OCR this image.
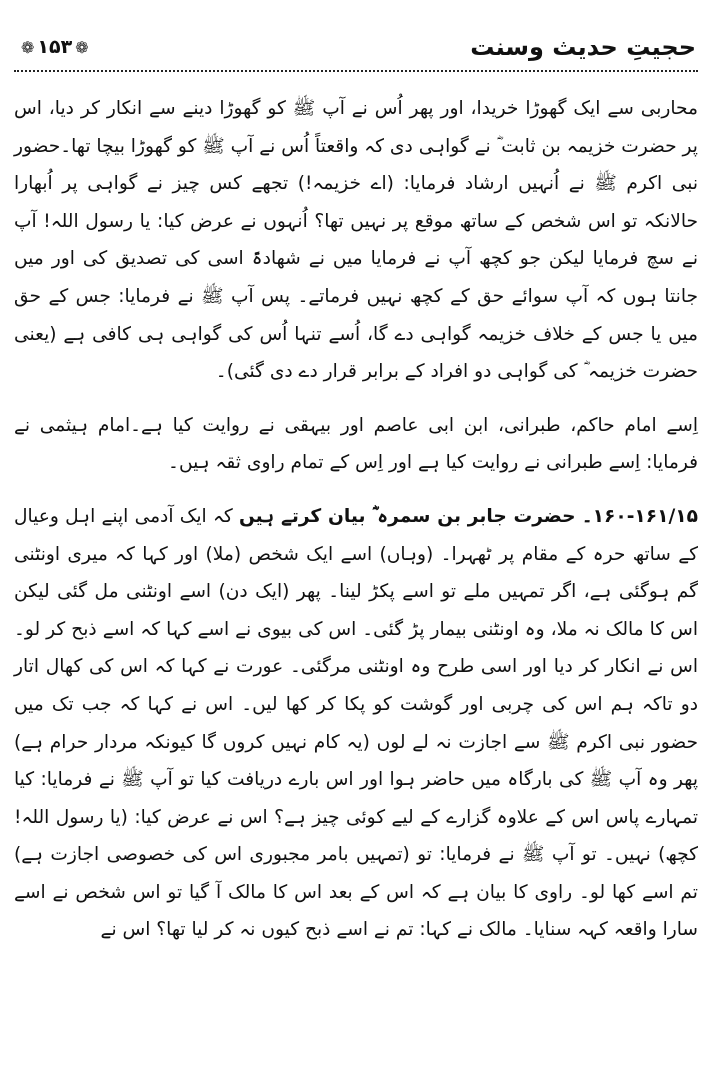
❁ ۱۵۳ ❁	حجیتِ حدیث وسنت

محاربی سے ایک گھوڑا خریدا، اور پھر اُس نے آپ ﷺ کو گھوڑا دینے سے انکار کر دیا، اس پر حضرت خزیمہ بن ثابت ؓ نے گواہی دی کہ واقعتاً اُس نے آپ ﷺ کو گھوڑا بیچا تھا۔حضور نبی اکرم ﷺ نے اُنہیں ارشاد فرمایا: (اے خزیمہ!) تجھے کس چیز نے گواہی پر اُبھارا حالانکہ تو اس شخص کے ساتھ موقع پر نہیں تھا؟ اُنہوں نے عرض کیا: یا رسول اللہ! آپ نے سچ فرمایا لیکن جو کچھ آپ نے فرمایا میں نے شھادۃً اسی کی تصدیق کی اور میں جانتا ہوں کہ آپ سوائے حق کے کچھ نہیں فرماتے۔ پس آپ ﷺ نے فرمایا: جس کے حق میں یا جس کے خلاف خزیمہ گواہی دے گا، اُسے تنہا اُس کی گواہی ہی کافی ہے (یعنی حضرت خزیمہ ؓ کی گواہی دو افراد کے برابر قرار دے دی گئی)۔

اِسے امام حاکم، طبرانی، ابن ابی عاصم اور بیہقی نے روایت کیا ہے۔امام ہیثمی نے فرمایا: اِسے طبرانی نے روایت کیا ہے اور اِس کے تمام راوی ثقہ ہیں۔

۱۶۰-۱۶۱/۱۵۔ حضرت جابر بن سمرہ ؓ بیان کرتے ہیں کہ ایک آدمی اپنے اہل وعیال کے ساتھ حرہ کے مقام پر ٹھہرا۔ (وہاں) اسے ایک شخص (ملا) اور کہا کہ میری اونٹنی گم ہوگئی ہے، اگر تمہیں ملے تو اسے پکڑ لینا۔ پھر (ایک دن) اسے اونٹنی مل گئی لیکن اس کا مالک نہ ملا، وہ اونٹنی بیمار پڑ گئی۔ اس کی بیوی نے اسے کہا کہ اسے ذبح کر لو۔ اس نے انکار کر دیا اور اسی طرح وہ اونٹنی مرگئی۔ عورت نے کہا کہ اس کی کھال اتار دو تاکہ ہم اس کی چربی اور گوشت کو پکا کر کھا لیں۔ اس نے کہا کہ جب تک میں حضور نبی اکرم ﷺ سے اجازت نہ لے لوں (یہ کام نہیں کروں گا کیونکہ مردار حرام ہے) پھر وہ آپ ﷺ کی بارگاہ میں حاضر ہوا اور اس بارے دریافت کیا تو آپ ﷺ نے فرمایا: کیا تمہارے پاس اس کے علاوہ گزارے کے لیے کوئی چیز ہے؟ اس نے عرض کیا: (یا رسول اللہ! کچھ) نہیں۔ تو آپ ﷺ نے فرمایا: تو (تمہیں بامر مجبوری اس کی خصوصی اجازت ہے) تم اسے کھا لو۔ راوی کا بیان ہے کہ اس کے بعد اس کا مالک آ گیا تو اس شخص نے اسے سارا واقعہ کہہ سنایا۔ مالک نے کہا: تم نے اسے ذبح کیوں نہ کر لیا تھا؟ اس نے
